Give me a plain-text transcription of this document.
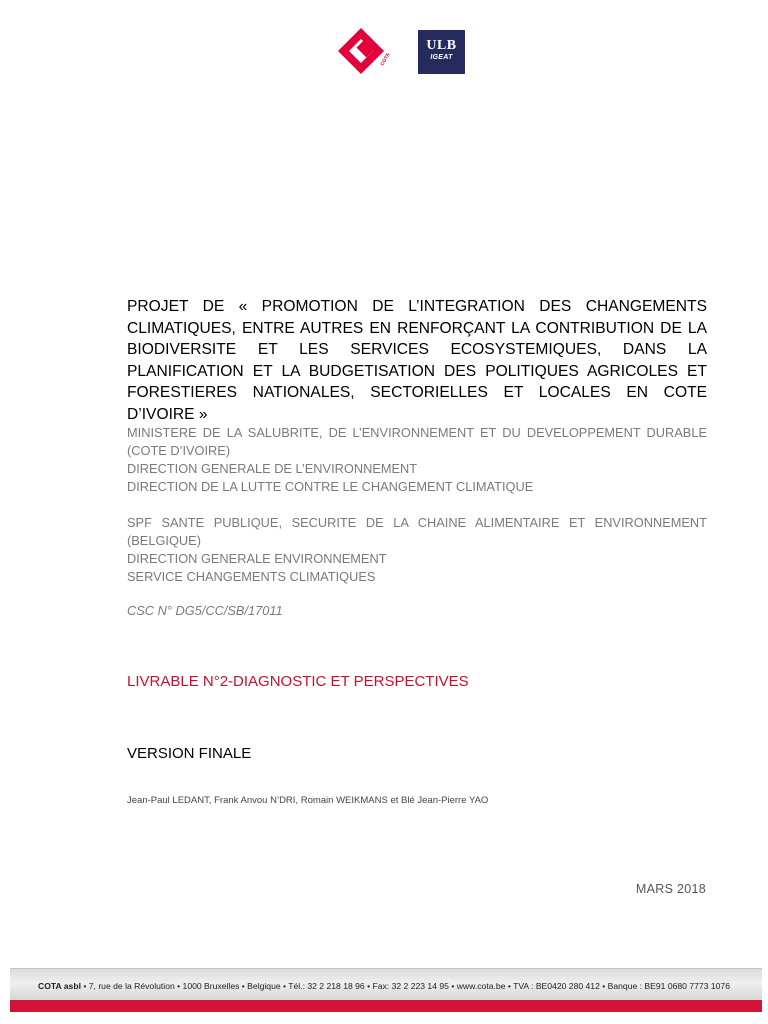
COTA
ULB
IGEAT
PROJET DE « PROMOTION DE L’INTEGRATION DES CHANGEMENTS CLIMATIQUES, ENTRE AUTRES EN RENFORÇANT LA CONTRIBUTION DE LA BIODIVERSITE ET LES SERVICES ECOSYSTEMIQUES, DANS LA PLANIFICATION ET LA BUDGETISATION DES POLITIQUES AGRICOLES ET FORESTIERES NATIONALES, SECTORIELLES ET LOCALES EN COTE D’IVOIRE »
MINISTERE DE LA SALUBRITE, DE L’ENVIRONNEMENT ET DU DEVELOPPEMENT DURABLE (COTE D’IVOIRE)
DIRECTION GENERALE DE L’ENVIRONNEMENT
DIRECTION DE LA LUTTE CONTRE LE CHANGEMENT CLIMATIQUE
SPF SANTE PUBLIQUE, SECURITE DE LA CHAINE ALIMENTAIRE ET ENVIRONNEMENT (BELGIQUE)
DIRECTION GENERALE ENVIRONNEMENT
SERVICE CHANGEMENTS CLIMATIQUES
CSC N° DG5/CC/SB/17011
LIVRABLE N°2-DIAGNOSTIC ET PERSPECTIVES
VERSION FINALE
Jean-Paul LEDANT, Frank Anvou N’DRI, Romain WEIKMANS et Blé Jean-Pierre YAO
MARS 2018
COTA asbl • 7, rue de la Révolution • 1000 Bruxelles • Belgique • Tél.: 32 2 218 18 96 • Fax: 32 2 223 14 95 • www.cota.be • TVA : BE0420 280 412 • Banque : BE91 0680 7773 1076
